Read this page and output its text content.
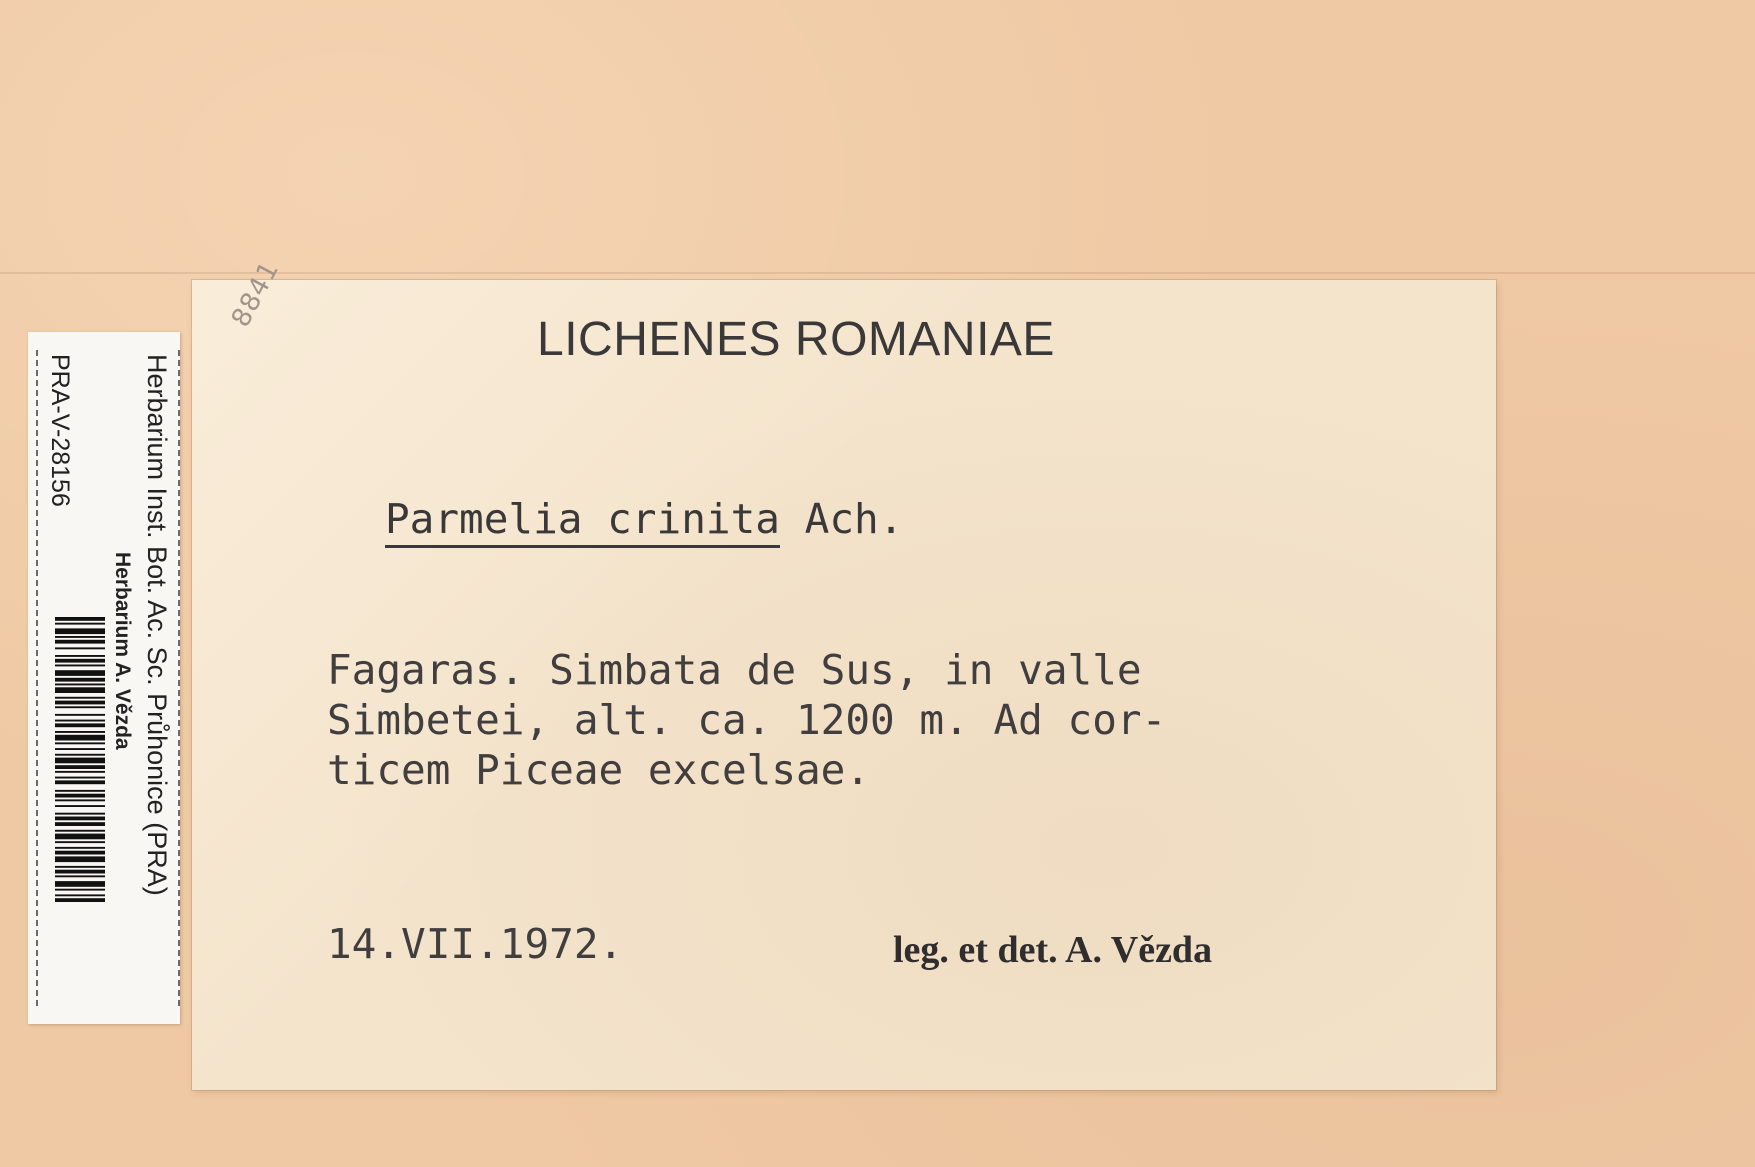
8841
LICHENES ROMANIAE
Parmelia crinita Ach.
Fagaras. Simbata de Sus, in valle
Simbetei, alt. ca. 1200 m. Ad cor-
ticem Piceae excelsae.
14.VII.1972.	leg. et det. A. Vězda
Herbarium Inst. Bot. Ac. Sc. Průhonice (PRA)
Herbarium A. Vězda
PRA-V-28156
